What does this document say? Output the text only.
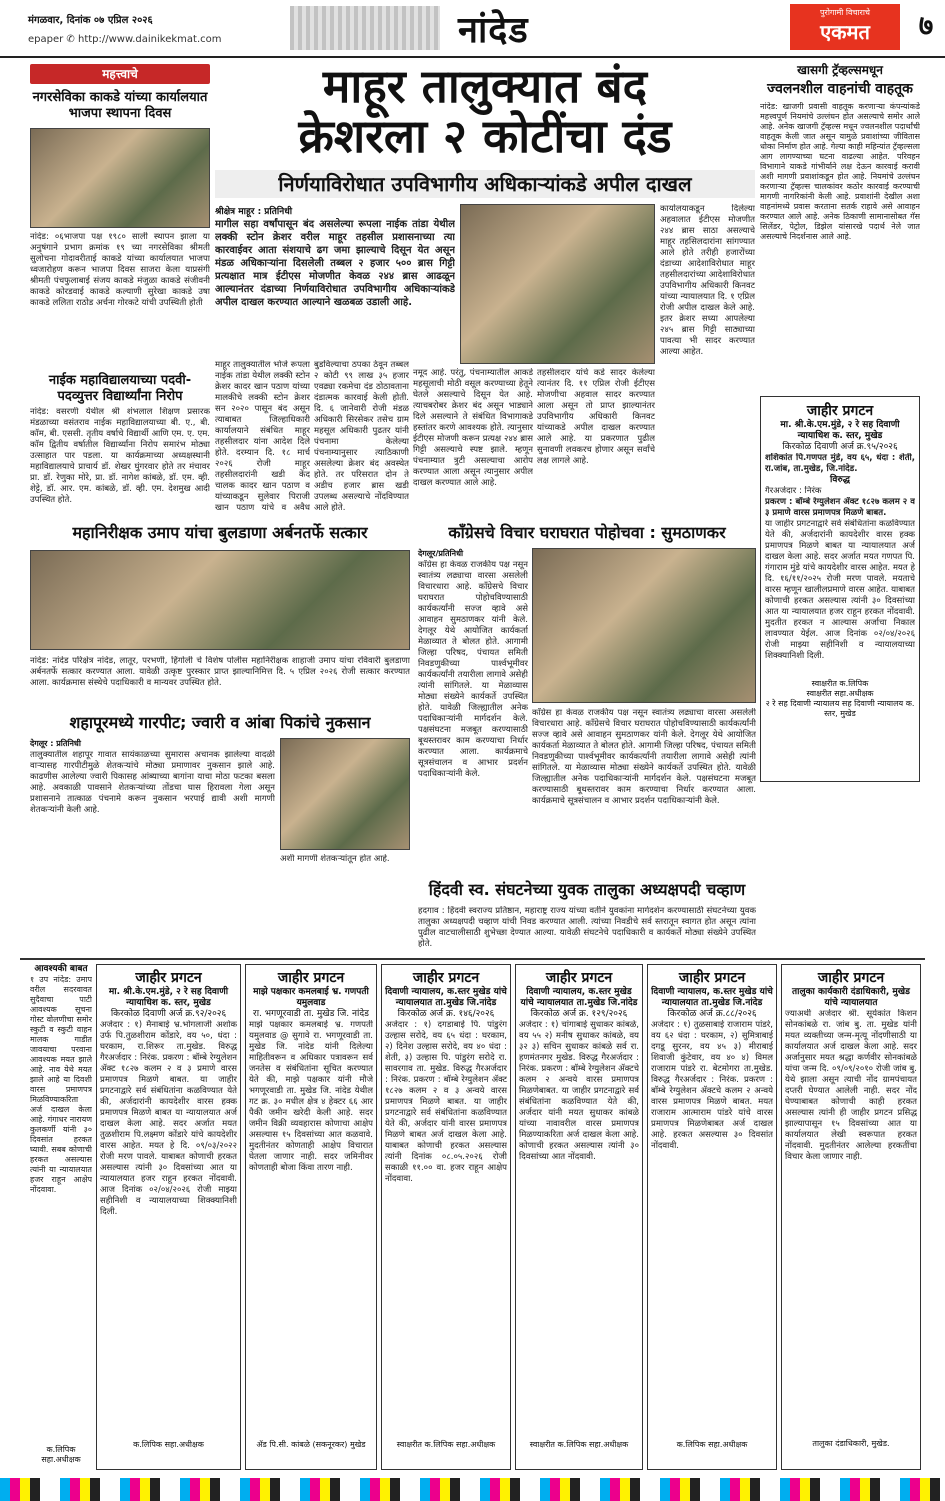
मंगळवार, दिनांक ०७ एप्रिल २०२६
epaper ✆ http://www.dainikekmat.com	नांदेड	पुरोगामी विचाराचे
एकमत	७
महत्त्वाचे
नगरसेविका काकडे यांच्या कार्यालयात भाजपा स्थापना दिवस
नांदेड: ०६भाजपा पक्ष १९८० साली स्थापन झाला या अनुषंगाने प्रभाग क्रमांक १९ च्या नगरसेविका श्रीमती सुलोचना गोदावरीताई काकडे यांच्या कार्यालयात भाजपा ध्वजारोहण करून भाजपा दिवस साजरा केला याप्रसंगी श्रीमती पंचफुलाबाई संजय काकडे मंजुळा काकडे संजीवनी काकडे कोरडवाई काकडे कल्याणी सुरेखा काकडे उषा काकडे ललिता राठोड अर्चना गोरकटे यांची उपस्थिती होती
नाईक महाविद्यालयाच्या पदवी-पदव्युत्तर विद्यार्थ्यांना निरोप
नांदेड: वसरणी येथील श्री शंभलाल शिक्षण प्रसारक मंडळाच्या वसंतराव नाईक महाविद्यालयाच्या बी. ए., बी. कॉम, बी. एससी. तृतीय वर्षाचे विद्यार्थी आणि एम. ए. एम. कॉम द्वितीय वर्षातील विद्यार्थ्यांना निरोप समारंभ मोठ्या उत्साहात पार पडला. या कार्यक्रमाच्या अध्यक्षस्थानी महाविद्यालयाचे प्राचार्य डॉ. शेखर घुंगरवार होते तर मंचावर प्रा. डॉ. रेणुका मोरे, प्रा. डॉ. नागेश कांबळे, डॉ. एम. व्ही. शेट्टे, डॉ. आर. एम. कांबळे, डॉ. व्ही. एम. देशमुख आदी उपस्थित होते.
माहूर तालुक्यात बंद
क्रेशरला २ कोटींचा दंड
निर्णयाविरोधात उपविभागीय अधिकाऱ्यांकडे अपील दाखल
श्रीक्षेत्र माहूर : प्रतिनिधी
मागील सहा वर्षांपासून बंद असलेल्या रूपला नाईक तांडा येथील लक्की स्टोन क्रेशर वरील माहूर तहसील प्रशासनाच्या त्या कारवाईवर आता संशयाचे ढग जमा झाल्याचे दिसून येत असून मंडळ अधिकाऱ्यांना दिसलेली तब्बल २ हजार ५०० ब्रास गिट्टी प्रत्यक्षात मात्र ईटीएस मोजणीत केवळ २४४ ब्रास आढळून आल्यानंतर दंडाच्या निर्णयाविरोधात उपविभागीय अधिकाऱ्यांकडे अपील दाखल करण्यात आल्याने खळबळ उडाली आहे.
कार्यालयाकडून दिलेल्या अहवालात ईटीएस मोजणीत २४४ ब्रास साठा असल्याचे माहूर तहसिलदारांना सांगण्यात आले होते तरीही हजारोंच्या दंडाच्या आदेशाविरोधात माहूर तहसीलदारांच्या आदेशाविरोधात उपविभागीय अधिकारी किनवट यांच्या न्यायालयात दि. १ एप्रिल रोजी अपील दाखल केले आहे. इतर क्रेशर सध्या आपलेल्या २४५ ब्रास गिट्टी साठ्याच्या पावत्या भी सादर करण्यात आल्या आहेत.
माहूर तालुक्यातील भोजे रूपला नाईक तांडा येथील लक्की स्टोन क्रेशर कादर खान पठाण यांच्या मालकीचे लक्की स्टोन क्रेशर सन २०२० पासून बंद असून त्याबाबत जिल्हाधिकारी कार्यालयाने संबंधित माहूर तहसीलदार यांना आदेश दिले होते. दरम्यान दि. १८ मार्च २०२६ रोजी माहूर तहसीलदारांनी खडी केंद चालक कादर खान पठाण व यांच्याकडून सुलेवार पिराजी खान पठाण यांचे व अवैध
बुडविल्याचा ठपका ठेवून तब्बल २ कोटी ९९ लाख ३५ हजार एवढ्या रकमेचा दंड ठोठावताना दंडात्मक कारवाई केली होती. दि. ६ जानेवारी रोजी मंडळ अधिकारी सिरसेकर तसेच ग्राम महसूल अधिकारी पुढतर यांनी पंचनामा केलेल्या पंचनाम्यानुसार त्याठिकाणी असलेल्या क्रेशर बंद अवस्थेत होते. तर परिसरात दोन ते अडीच हजार ब्रास खडी उपलब्ध असल्याचे नोंदविण्यात आले होते.
नमूद आहे. परंतु, पंचनाम्यातील आकडे महसूलाची मोठी वसूल करण्याच्या हेतूने घेतले असल्याचे दिसून येत आहे. त्याचबरोबर क्रेशर बंद असून भाड्याने दिले असल्याने ते संबंधित विभागाकडे हस्तांतर करणे आवश्यक होते. त्यानुसार ईटीएस मोजणी करून प्रत्यक्ष २४४ ब्रास गिट्टी असल्याचे स्पष्ट झाले. म्हणून पंचनाम्यात त्रुटी असल्याचा आरोप करण्यात आला असून त्यानुसार अपील दाखल करण्यात आले आहे.
तहसीलदार यांचे कडे सादर केलेल्या त्यानंतर दि. ११ एप्रिल रोजी ईटीएस मोजणीचा अहवाल सादर करण्यात आला असून तो प्राप्त झाल्यानंतर उपविभागीय अधिकारी किनवट यांच्याकडे अपील दाखल करण्यात आले आहे. या प्रकरणात पुढील सुनावणी लवकरच होणार असून सर्वांचे लक्ष लागले आहे.
खासगी ट्रॅव्हल्समधून
ज्वलनशील वाहनांची वाहतूक
नांदेड: खाजगी प्रवासी वाहतूक करणाऱ्या कंपन्यांकडे महत्त्वपूर्ण नियमांचे उल्लंघन होत असल्याचे समोर आले आहे. अनेक खाजगी ट्रॅव्हल्स मधून ज्वलनशील पदार्थांची वाहतूक केली जात असून यामुळे प्रवाशांच्या जीवितास धोका निर्माण होत आहे. गेल्या काही महिन्यांत ट्रॅव्हल्सला आग लागण्याच्या घटना वाढल्या आहेत. परिवहन विभागाने याकडे गांभीर्याने लक्ष देऊन कारवाई करावी अशी मागणी प्रवाशांकडून होत आहे. नियमांचे उल्लंघन करणाऱ्या ट्रॅव्हल्स चालकांवर कठोर कारवाई करण्याची मागणी नागरिकांनी केली आहे. प्रवाशांनी देखील अशा वाहनांमध्ये प्रवास करताना सतर्क राहावे असे आवाहन करण्यात आले आहे. अनेक ठिकाणी सामानासोबत गॅस सिलेंडर, पेट्रोल, डिझेल यांसारखे पदार्थ नेले जात असल्याचे निदर्शनास आले आहे.
जाहीर प्रगटन
मा. श्री.के.एम.मुंडे, २ रे सह दिवाणी न्यायाधिश क. स्तर, मुखेड
किरकोळ दिवाणी अर्ज क्र.९५/२०२६
शशिकांत पि.गणपत मुंडे, वय ६५, धंदा : शेती, रा.जांब, ता.मुखेड, जि.नांदेड.
विरुद्ध
गैरअर्जदार : निरंक
प्रकरण : बॉम्बे रेग्युलेशन ॲक्ट १८२७ कलम २ व ३ प्रमाणे वारस प्रमाणपत्र मिळणे बाबत.
या जाहीर प्रगटनाद्वारे सर्व संबंधितांना कळविण्यात येते की, अर्जदारांनी कायदेशीर वारस हक्क प्रमाणपत्र मिळणे बाबत या न्यायालयात अर्ज दाखल केला आहे. सदर अर्जात मयत गणपत पि. गंगाराम मुंडे यांचे कायदेशीर वारस आहेत. मयत हे दि. १६/११/२०२५ रोजी मरण पावले. मयताचे वारस म्हणून खालीलप्रमाणे वारस आहेत. याबाबत कोणाची हरकत असल्यास त्यांनी ३० दिवसांच्या आत या न्यायालयात हजर राहून हरकत नोंदवावी. मुदतीत हरकत न आल्यास अर्जाचा निकाल लावण्यात येईल. आज दिनांक ०२/०४/२०२६ रोजी माझ्या सहीनिशी व न्यायालयाच्या शिक्क्यानिशी दिली.
स्वाक्षरीत क.लिपिक
स्वाक्षरीत सहा.अधीक्षक
२ रे सह दिवाणी न्यायालय सह दिवाणी न्यायालय क. स्तर, मुखेड
महानिरीक्षक उमाप यांचा बुलडाणा अर्बनतर्फे सत्कार
नांदेड: नांदेड परिक्षेत्र नांदेड, लातूर, परभणी, हिंगोली चे विशेष पोलीस महानिरीक्षक शाहाजी उमाप यांचा रविवारी बुलडाणा अर्बनतर्फे सत्कार करण्यात आला. यावेळी उत्कृष्ट पुरस्कार प्राप्त झाल्यानिमित्त दि. ५ एप्रिल २०२६ रोजी सत्कार करण्यात आला. कार्यक्रमास संस्थेचे पदाधिकारी व मान्यवर उपस्थित होते.
काँग्रेसचे विचार घराघरात पोहोचवा : सुमठाणकर
देगलूर/प्रतिनिधी
काँग्रेस हा केवळ राजकीय पक्ष नसून स्वातंत्र्य लढ्याचा वारसा असलेली विचारधारा आहे. काँग्रेसचे विचार घराघरात पोहोचविण्यासाठी कार्यकर्त्यांनी सज्ज व्हावे असे आवाहन सुमठाणकर यांनी केले. देगलूर येथे आयोजित कार्यकर्ता मेळाव्यात ते बोलत होते. आगामी जिल्हा परिषद, पंचायत समिती निवडणुकीच्या पार्श्वभूमीवर कार्यकर्त्यांनी तयारीला लागावे असेही त्यांनी सांगितले. या मेळाव्यास मोठ्या संख्येने कार्यकर्ते उपस्थित होते. यावेळी जिल्ह्यातील अनेक पदाधिकाऱ्यांनी मार्गदर्शन केले. पक्षसंघटना मजबूत करण्यासाठी बूथस्तरावर काम करण्याचा निर्धार करण्यात आला. कार्यक्रमाचे सूत्रसंचालन व आभार प्रदर्शन पदाधिकाऱ्यांनी केले.

काँग्रेस हा केवळ राजकीय पक्ष नसून स्वातंत्र्य लढ्याचा वारसा असलेली विचारधारा आहे. काँग्रेसचे विचार घराघरात पोहोचविण्यासाठी कार्यकर्त्यांनी सज्ज व्हावे असे आवाहन सुमठाणकर यांनी केले. देगलूर येथे आयोजित कार्यकर्ता मेळाव्यात ते बोलत होते. आगामी जिल्हा परिषद, पंचायत समिती निवडणुकीच्या पार्श्वभूमीवर कार्यकर्त्यांनी तयारीला लागावे असेही त्यांनी सांगितले. या मेळाव्यास मोठ्या संख्येने कार्यकर्ते उपस्थित होते. यावेळी जिल्ह्यातील अनेक पदाधिकाऱ्यांनी मार्गदर्शन केले. पक्षसंघटना मजबूत करण्यासाठी बूथस्तरावर काम करण्याचा निर्धार करण्यात आला. कार्यक्रमाचे सूत्रसंचालन व आभार प्रदर्शन पदाधिकाऱ्यांनी केले.

शहापूरमध्ये गारपीट; ज्वारी व आंबा पिकांचे नुकसान
देगलूर : प्रतिनिधी
तालुक्यातील शहापूर गावात सायंकाळच्या सुमारास अचानक झालेल्या वादळी वाऱ्यासह गारपीटीमुळे शेतकऱ्यांचे मोठ्या प्रमाणावर नुकसान झाले आहे. काढणीस आलेल्या ज्वारी पिकासह आंब्याच्या बागांना याचा मोठा फटका बसला आहे. अवकाळी पावसाने शेतकऱ्यांच्या तोंडचा घास हिरावला गेला असून प्रशासनाने तात्काळ पंचनामे करून नुकसान भरपाई द्यावी अशी मागणी शेतकऱ्यांनी केली आहे.
अशी मागणी शेतकऱ्यांतून होत आहे.
हिंदवी स्व. संघटनेच्या युवक तालुका अध्यक्षपदी चव्हाण
हदगाव : हिंदवी स्वराज्य प्रतिष्ठान, महाराष्ट्र राज्य यांच्या वतीने युवकांना मार्गदर्शन करण्यासाठी संघटनेच्या युवक तालुका अध्यक्षपदी चव्हाण यांची निवड करण्यात आली. त्यांच्या निवडीचे सर्व स्तरातून स्वागत होत असून त्यांना पुढील वाटचालीसाठी शुभेच्छा देण्यात आल्या. यावेळी संघटनेचे पदाधिकारी व कार्यकर्ते मोठ्या संख्येने उपस्थित होते.
आवश्यकी बाबत
१ उप नांदेड: उमाप वरील सदरवावत सुदैवाचा पाटी आवश्यक सूचना गोस्ट वोलणीचा समोर स्कुटी व स्कुटी वाहन मालक गाडीत जावयाचा परवाना आवश्यक मयत झाले आहे. नाव येथे मयत झाले आहे या दिवशी वारस प्रमाणपत्र मिळविण्याकरिता अर्ज दाखल केला आहे. गंगाधर नारायण कुलकर्णी यांनी ३० दिवसांत हरकत घ्यावी. सबब कोणाची हरकत असल्यास त्यांनी या न्यायालयात हजर राहून आक्षेप नोंदवावा.
क.लिपिक सहा.अधीक्षक
जाहीर प्रगटन
मा. श्री.के.एम.मुंडे, २ रे सह दिवाणी न्यायाधिश क. स्तर, मुखेड
किरकोळ दिवाणी अर्ज क्र.९२/२०२६
अर्जदार : १) मैनाबाई भ्र.भोगलाजी अशोक उर्फ पि.तुळशीराम कोंडारे, वय ५०, धंदा : घरकाम, रा.शिरूर ता.मुखेड. विरुद्ध गैरअर्जदार : निरंक. प्रकरण : बॉम्बे रेग्युलेशन ॲक्ट १८२७ कलम २ व ३ प्रमाणे वारस प्रमाणपत्र मिळणे बाबत. या जाहीर प्रगटनाद्वारे सर्व संबंधितांना कळविण्यात येते की, अर्जदारांनी कायदेशीर वारस हक्क प्रमाणपत्र मिळणे बाबत या न्यायालयात अर्ज दाखल केला आहे. सदर अर्जात मयत तुळशीराम पि.लक्ष्मण कोंडारे यांचे कायदेशीर वारस आहेत. मयत हे दि. ०९/०३/२०२२ रोजी मरण पावले. याबाबत कोणाची हरकत असल्यास त्यांनी ३० दिवसांच्या आत या न्यायालयात हजर राहून हरकत नोंदवावी. आज दिनांक ०२/०४/२०२६ रोजी माझ्या सहीनिशी व न्यायालयाच्या शिक्क्यानिशी दिली.
क.लिपिक सहा.अधीक्षक
जाहीर प्रगटन
माझे पक्षकार कमलबाई भ्र. गणपती यमुलवाड
रा. भगणूरवाडी ता. मुखेड जि. नांदेड
माझे पक्षकार कमलबाई भ्र. गणपती यमुलवाड @ सुगावे रा. भगणूरवाडी ता. मुखेड जि. नांदेड यांनी दिलेल्या माहितीवरून व अधिकार पत्रावरून सर्व जनतेस व संबंधितांना सूचित करण्यात येते की, माझे पक्षकार यांनी मौजे भगणूरवाडी ता. मुखेड जि. नांदेड येथील गट क्र. ३० मधील क्षेत्र ४ हेक्टर ६६ आर पैकी जमीन खरेदी केली आहे. सदर जमीन विक्री व्यवहारास कोणाचा आक्षेप असल्यास १५ दिवसांच्या आत कळवावे. मुदतीनंतर कोणताही आक्षेप विचारात घेतला जाणार नाही. सदर जमिनीवर कोणताही बोजा किंवा तारण नाही.
ॲड पि.सी. कांबळे (सकनूरकर) मुखेड
जाहीर प्रगटन
दिवाणी न्यायालय, क.स्तर मुखेड यांचे न्यायालयात ता.मुखेड जि.नांदेड
किरकोळ अर्ज क्र. १४६/२०२६
अर्जदार : १) दगडाबाई पि. पांडुरंग उल्हास सरोदे, वय ६५ धंदा : घरकाम, २) दिनेश उल्हास सरोदे, वय ४० धंदा : शेती, ३) उल्हास पि. पांडुरंग सरोदे रा. सावरगाव ता. मुखेड. विरुद्ध गैरअर्जदार : निरंक. प्रकरण : बॉम्बे रेग्युलेशन ॲक्ट १८२७ कलम २ व ३ अन्वये वारस प्रमाणपत्र मिळणे बाबत. या जाहीर प्रगटनाद्वारे सर्व संबंधितांना कळविण्यात येते की, अर्जदार यांनी वारस प्रमाणपत्र मिळणे बाबत अर्ज दाखल केला आहे. याबाबत कोणाची हरकत असल्यास त्यांनी दिनांक ०८.०५.२०२६ रोजी सकाळी ११.०० वा. हजर राहून आक्षेप नोंदवावा.
स्वाक्षरीत क.लिपिक सहा.अधीक्षक
जाहीर प्रगटन
दिवाणी न्यायालय, क.स्तर मुखेड यांचे न्यायालयात ता.मुखेड जि.नांदेड
किरकोळ अर्ज क्र. १२९/२०२६
अर्जदार : १) चांगाबाई सुधाकर कांबळे, वय ५५ २) मनीष सुधाकर कांबळे, वय ३२ ३) सचिन सुधाकर कांबळे सर्व रा. हणमंतनगर मुखेड. विरुद्ध गैरअर्जदार : निरंक. प्रकरण : बॉम्बे रेग्युलेशन ॲक्टचे कलम २ अन्वये वारस प्रमाणपत्र मिळणेबाबत. या जाहीर प्रगटनाद्वारे सर्व संबंधितांना कळविण्यात येते की, अर्जदार यांनी मयत सुधाकर कांबळे यांच्या नावावरील वारस प्रमाणपत्र मिळण्याकरिता अर्ज दाखल केला आहे. कोणाची हरकत असल्यास त्यांनी ३० दिवसांच्या आत नोंदवावी.
स्वाक्षरीत क.लिपिक सहा.अधीक्षक
जाहीर प्रगटन
दिवाणी न्यायालय, क.स्तर मुखेड यांचे न्यायालयात ता.मुखेड जि.नांदेड
किरकोळ अर्ज क्र.८८/२०२६
अर्जदार : १) तुळसाबाई राजाराम पांडरे, वय ६२ धंदा : घरकाम, २) सुमित्राबाई दगडू सुरनर, वय ४५ ३) मीराबाई शिवाजी कुंटेवार, वय ४० ४) विमल राजाराम पांडरे रा. बेटमोगरा ता.मुखेड. विरुद्ध गैरअर्जदार : निरंक. प्रकरण : बॉम्बे रेग्युलेशन ॲक्टचे कलम २ अन्वये वारस प्रमाणपत्र मिळणे बाबत. मयत राजाराम आत्माराम पांडरे यांचे वारस प्रमाणपत्र मिळणेबाबत अर्ज दाखल आहे. हरकत असल्यास ३० दिवसांत नोंदवावी.
क.लिपिक सहा.अधीक्षक
जाहीर प्रगटन
तालुका कार्यकारी दंडाधिकारी, मुखेड यांचे न्यायालयात
ज्याअर्थी अर्जदार श्री. सूर्यकांत किशन सोनकांबळे रा. जांब बु. ता. मुखेड यांनी मयत व्यक्तीच्या जन्म-मृत्यू नोंदणीसाठी या कार्यालयात अर्ज दाखल केला आहे. सदर अर्जानुसार मयत श्रद्धा कर्णवीर सोनकांबळे यांचा जन्म दि. ०९/०९/२०१० रोजी जांब बु. येथे झाला असून त्याची नोंद ग्रामपंचायत दप्तरी घेण्यात आलेली नाही. सदर नोंद घेण्याबाबत कोणाची काही हरकत असल्यास त्यांनी ही जाहीर प्रगटन प्रसिद्ध झाल्यापासून १५ दिवसांच्या आत या कार्यालयात लेखी स्वरूपात हरकत नोंदवावी. मुदतीनंतर आलेल्या हरकतींचा विचार केला जाणार नाही.
तालुका दंडाधिकारी, मुखेड.
